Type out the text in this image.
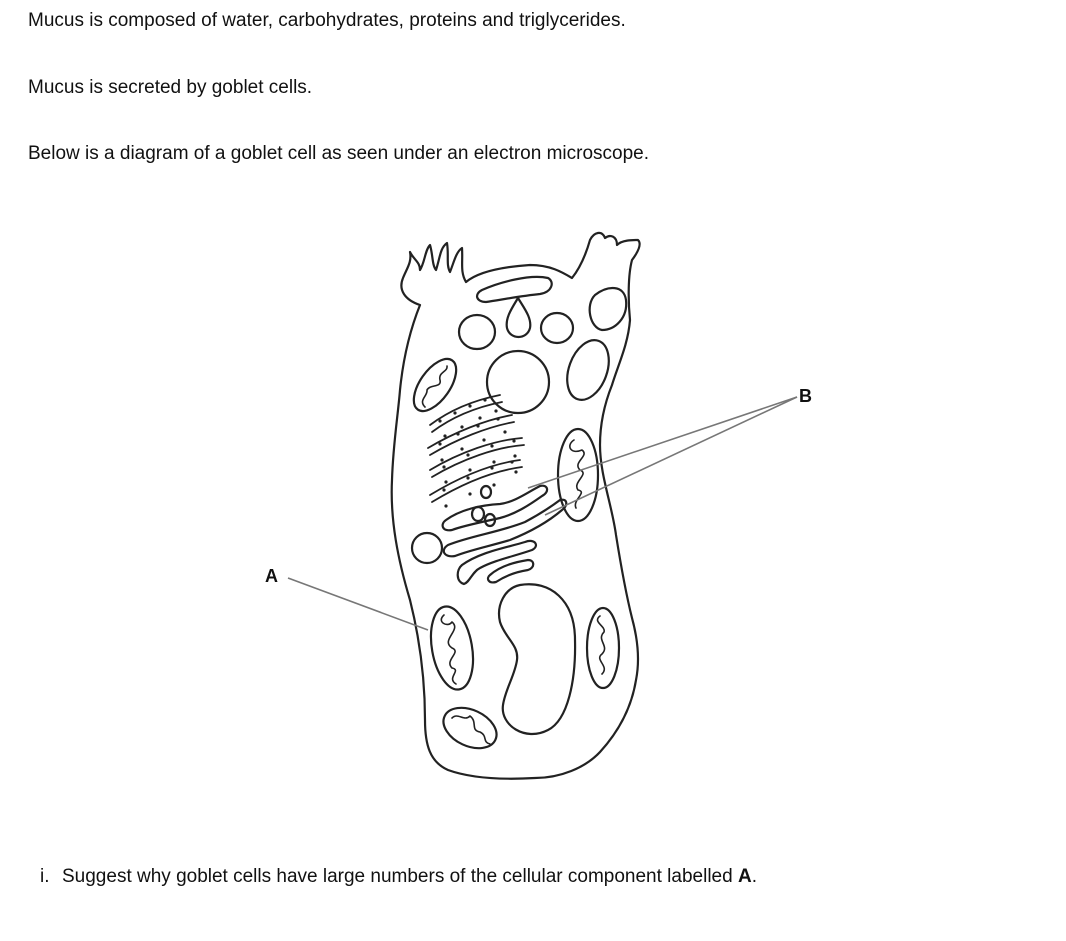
Mucus is composed of water, carbohydrates, proteins and triglycerides.

Mucus is secreted by goblet cells.

Below is a diagram of a goblet cell as seen under an electron microscope.

A
B

i. Suggest why goblet cells have large numbers of the cellular component labelled A.
